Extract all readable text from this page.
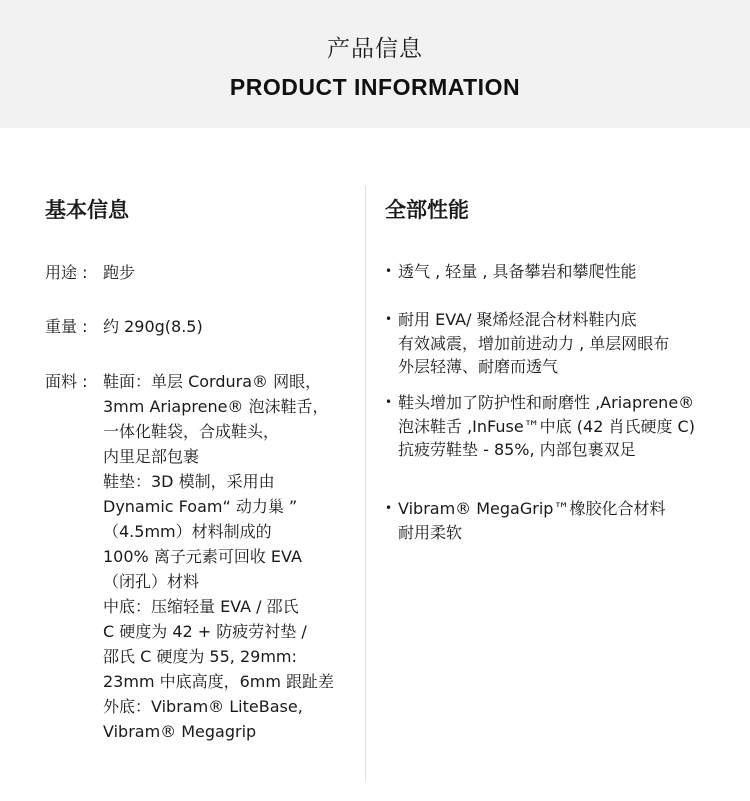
产品信息
PRODUCT INFORMATION
基本信息
用途 : 跑步
重量 : 约 290g(8.5)
面料 : 鞋面：单层 Cordura® 网眼，
3mm Ariaprene® 泡沫鞋舌，
一体化鞋袋，合成鞋头，
内里足部包裹
鞋垫：3D 模制，采用由
Dynamic Foam“ 动力巢 ”
（4.5mm）材料制成的
100% 离子元素可回收 EVA
（闭孔）材料
中底：压缩轻量 EVA / 邵氏
C 硬度为 42 + 防疲劳衬垫 /
邵氏 C 硬度为 55, 29mm:
23mm 中底高度，6mm 跟趾差
外底：Vibram® LiteBase,
Vibram® Megagrip
全部性能
• 透气 , 轻量 , 具备攀岩和攀爬性能
• 耐用 EVA/ 聚烯烃混合材料鞋内底
有效减震，增加前进动力 , 单层网眼布
外层轻薄、耐磨而透气
• 鞋头增加了防护性和耐磨性 ,Ariaprene®
泡沫鞋舌 ,InFuse™中底 (42 肖氏硬度 C)
抗疲劳鞋垫 - 85%, 内部包裹双足
• Vibram® MegaGrip™橡胶化合材料
耐用柔软
